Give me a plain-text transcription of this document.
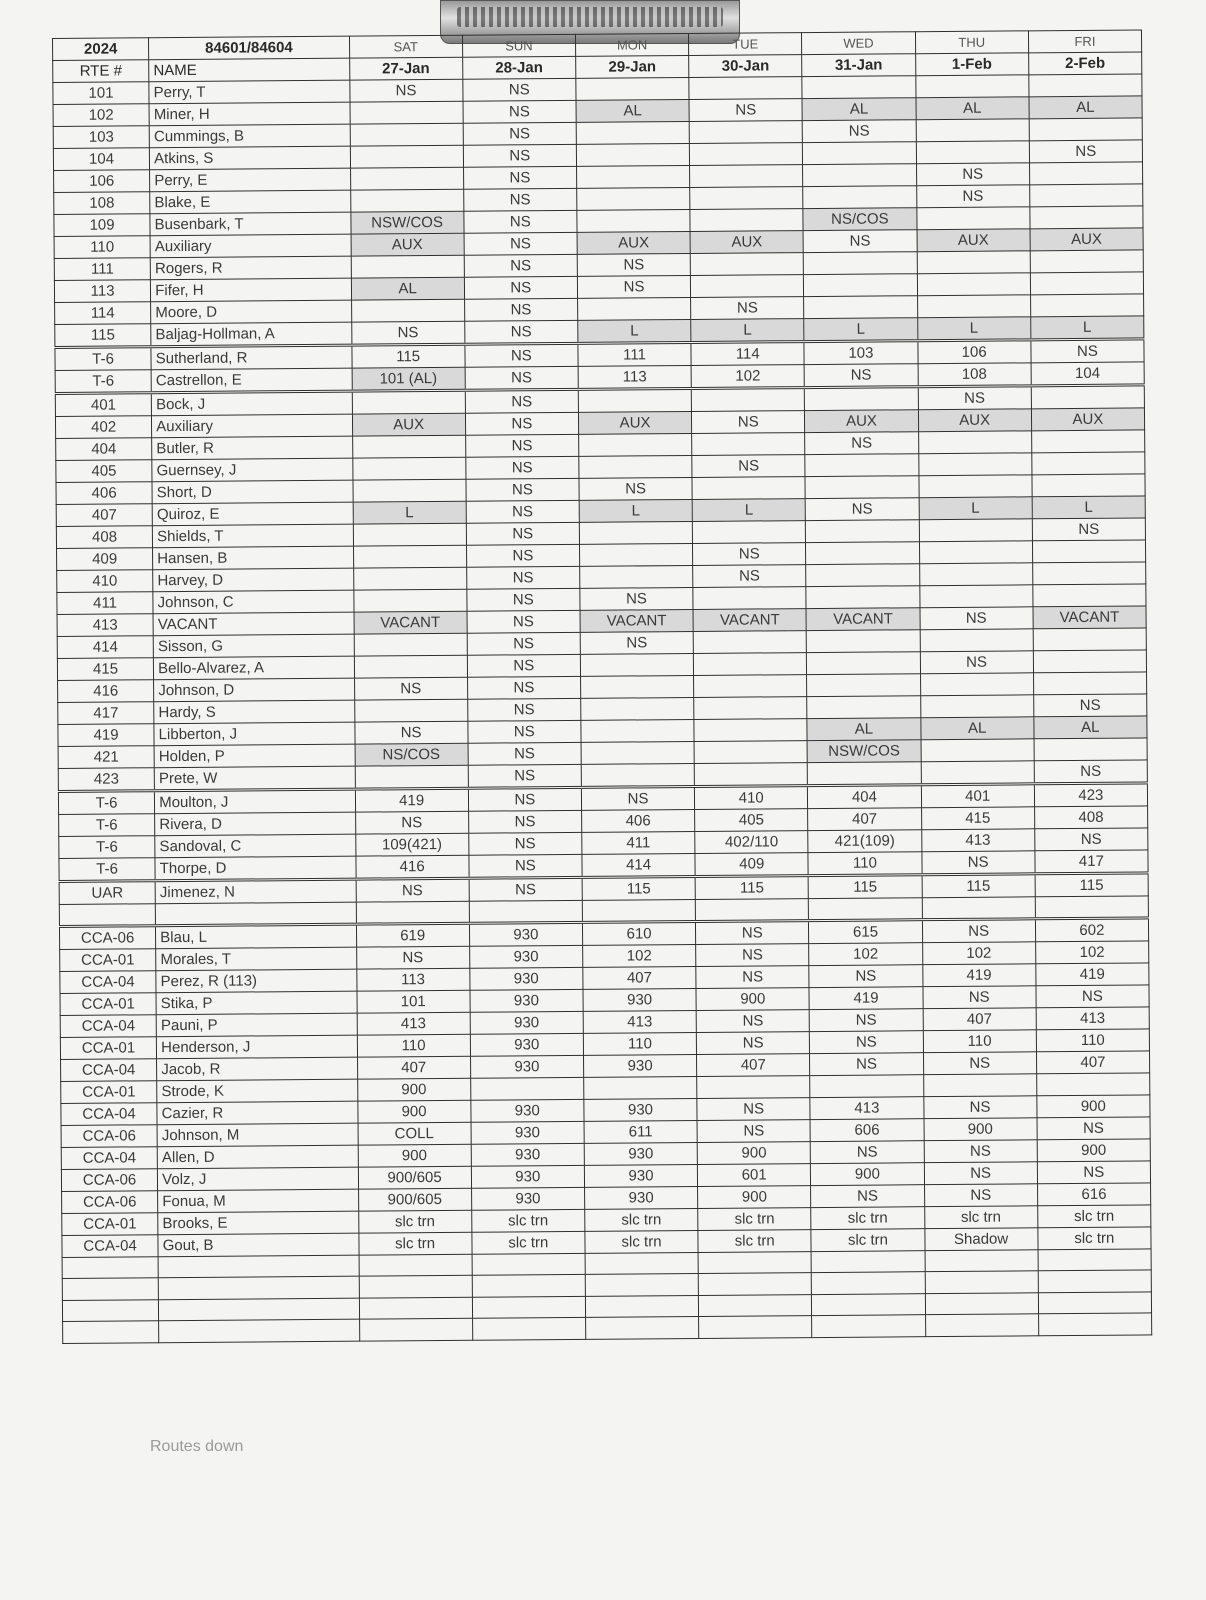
2024	84601/84604	SAT	SUN	MON	TUE	WED	THU	FRI
RTE #	NAME	27-Jan	28-Jan	29-Jan	30-Jan	31-Jan	1-Feb	2-Feb
101	Perry, T	NS	NS					
102	Miner, H		NS	AL	NS	AL	AL	AL
103	Cummings, B		NS			NS		
104	Atkins, S		NS					NS
106	Perry, E		NS				NS	
108	Blake, E		NS				NS	
109	Busenbark, T	NSW/COS	NS			NS/COS		
110	Auxiliary	AUX	NS	AUX	AUX	NS	AUX	AUX
111	Rogers, R		NS	NS				
113	Fifer, H	AL	NS	NS				
114	Moore, D		NS		NS			
115	Baljag-Hollman, A	NS	NS	L	L	L	L	L
T-6	Sutherland, R	115	NS	111	114	103	106	NS
T-6	Castrellon, E	101 (AL)	NS	113	102	NS	108	104
401	Bock, J		NS				NS	
402	Auxiliary	AUX	NS	AUX	NS	AUX	AUX	AUX
404	Butler, R		NS			NS		
405	Guernsey, J		NS		NS			
406	Short, D		NS	NS				
407	Quiroz, E	L	NS	L	L	NS	L	L
408	Shields, T		NS					NS
409	Hansen, B		NS		NS			
410	Harvey, D		NS		NS			
411	Johnson, C		NS	NS				
413	VACANT	VACANT	NS	VACANT	VACANT	VACANT	NS	VACANT
414	Sisson, G		NS	NS				
415	Bello-Alvarez, A		NS				NS	
416	Johnson, D	NS	NS					
417	Hardy, S		NS					NS
419	Libberton, J	NS	NS			AL	AL	AL
421	Holden, P	NS/COS	NS			NSW/COS		
423	Prete, W		NS					NS
T-6	Moulton, J	419	NS	NS	410	404	401	423
T-6	Rivera, D	NS	NS	406	405	407	415	408
T-6	Sandoval, C	109(421)	NS	411	402/110	421(109)	413	NS
T-6	Thorpe, D	416	NS	414	409	110	NS	417
UAR	Jimenez, N	NS	NS	115	115	115	115	115

CCA-06	Blau, L	619	930	610	NS	615	NS	602
CCA-01	Morales, T	NS	930	102	NS	102	102	102
CCA-04	Perez, R (113)	113	930	407	NS	NS	419	419
CCA-01	Stika, P	101	930	930	900	419	NS	NS
CCA-04	Pauni, P	413	930	413	NS	NS	407	413
CCA-01	Henderson, J	110	930	110	NS	NS	110	110
CCA-04	Jacob, R	407	930	930	407	NS	NS	407
CCA-01	Strode, K	900						
CCA-04	Cazier, R	900	930	930	NS	413	NS	900
CCA-06	Johnson, M	COLL	930	611	NS	606	900	NS
CCA-04	Allen, D	900	930	930	900	NS	NS	900
CCA-06	Volz, J	900/605	930	930	601	900	NS	NS
CCA-06	Fonua, M	900/605	930	930	900	NS	NS	616
CCA-01	Brooks, E	slc trn	slc trn	slc trn	slc trn	slc trn	slc trn	slc trn
CCA-04	Gout, B	slc trn	slc trn	slc trn	slc trn	slc trn	Shadow	slc trn

Routes down
